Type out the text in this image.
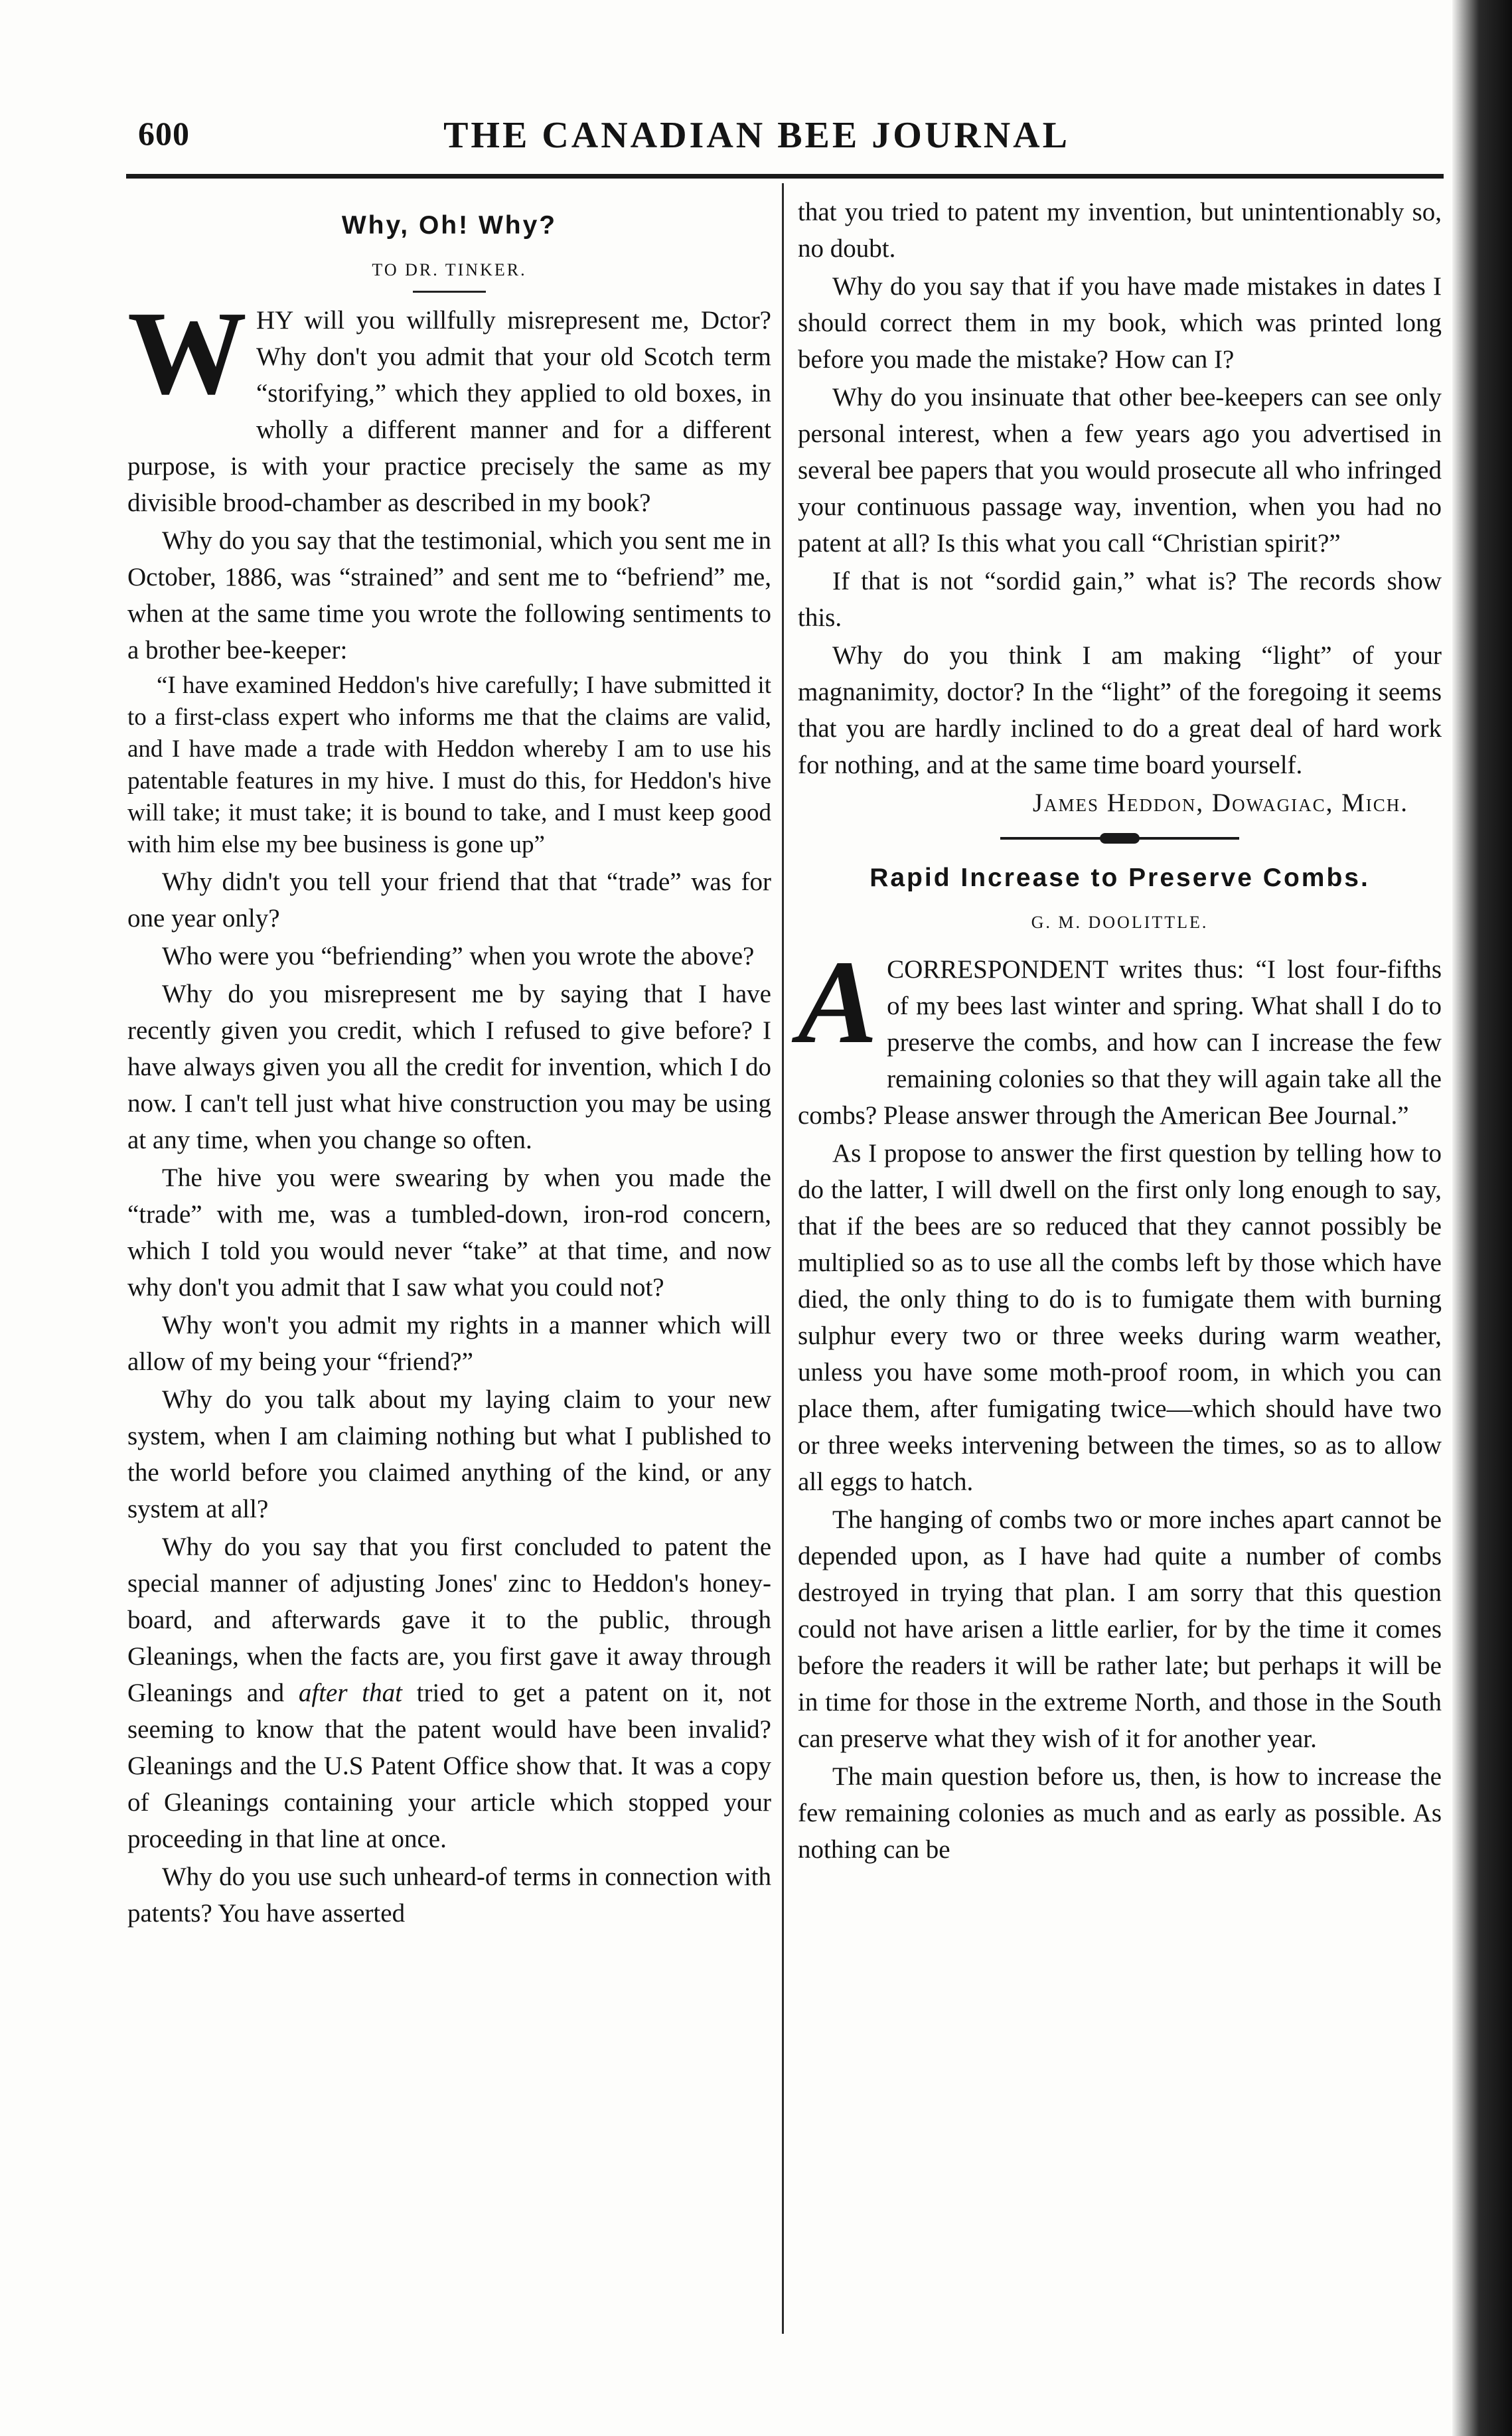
600	THE CANADIAN BEE JOURNAL
Why, Oh! Why?
TO DR. TINKER.

WHY will you willfully misrepresent me, Dctor? Why don't you admit that your old Scotch term “storifying,” which they applied to old boxes, in wholly a different manner and for a different purpose, is with your practice precisely the same as my divisible brood-chamber as described in my book?

Why do you say that the testimonial, which you sent me in October, 1886, was “strained” and sent me to “befriend” me, when at the same time you wrote the following sentiments to a brother bee-keeper:

“I have examined Heddon's hive carefully; I have submitted it to a first-class expert who informs me that the claims are valid, and I have made a trade with Heddon whereby I am to use his patentable features in my hive. I must do this, for Heddon's hive will take; it must take; it is bound to take, and I must keep good with him else my bee business is gone up”

Why didn't you tell your friend that that “trade” was for one year only?

Who were you “befriending” when you wrote the above?

Why do you misrepresent me by saying that I have recently given you credit, which I refused to give before? I have always given you all the credit for invention, which I do now. I can't tell just what hive construction you may be using at any time, when you change so often.

The hive you were swearing by when you made the “trade” with me, was a tumbled-down, iron-rod concern, which I told you would never “take” at that time, and now why don't you admit that I saw what you could not?

Why won't you admit my rights in a manner which will allow of my being your “friend?”

Why do you talk about my laying claim to your new system, when I am claiming nothing but what I published to the world before you claimed anything of the kind, or any system at all?

Why do you say that you first concluded to patent the special manner of adjusting Jones' zinc to Heddon's honey-board, and afterwards gave it to the public, through Gleanings, when the facts are, you first gave it away through Gleanings and after that tried to get a patent on it, not seeming to know that the patent would have been invalid? Gleanings and the U.S Patent Office show that. It was a copy of Gleanings containing your article which stopped your proceeding in that line at once.

Why do you use such unheard-of terms in connection with patents? You have asserted

that you tried to patent my invention, but unintentionably so, no doubt.

Why do you say that if you have made mistakes in dates I should correct them in my book, which was printed long before you made the mistake? How can I?

Why do you insinuate that other bee-keepers can see only personal interest, when a few years ago you advertised in several bee papers that you would prosecute all who infringed your continuous passage way, invention, when you had no patent at all? Is this what you call “Christian spirit?”

If that is not “sordid gain,” what is? The records show this.

Why do you think I am making “light” of your magnanimity, doctor? In the “light” of the foregoing it seems that you are hardly inclined to do a great deal of hard work for nothing, and at the same time board yourself.

James Heddon, Dowagiac, Mich.

Rapid Increase to Preserve Combs.
G. M. DOOLITTLE.

ACORRESPONDENT writes thus: “I lost four-fifths of my bees last winter and spring. What shall I do to preserve the combs, and how can I increase the few remaining colonies so that they will again take all the combs? Please answer through the American Bee Journal.”

As I propose to answer the first question by telling how to do the latter, I will dwell on the first only long enough to say, that if the bees are so reduced that they cannot possibly be multiplied so as to use all the combs left by those which have died, the only thing to do is to fumigate them with burning sulphur every two or three weeks during warm weather, unless you have some moth-proof room, in which you can place them, after fumigating twice—which should have two or three weeks intervening between the times, so as to allow all eggs to hatch.

The hanging of combs two or more inches apart cannot be depended upon, as I have had quite a number of combs destroyed in trying that plan. I am sorry that this question could not have arisen a little earlier, for by the time it comes before the readers it will be rather late; but perhaps it will be in time for those in the extreme North, and those in the South can preserve what they wish of it for another year.

The main question before us, then, is how to increase the few remaining colonies as much and as early as possible. As nothing can be
